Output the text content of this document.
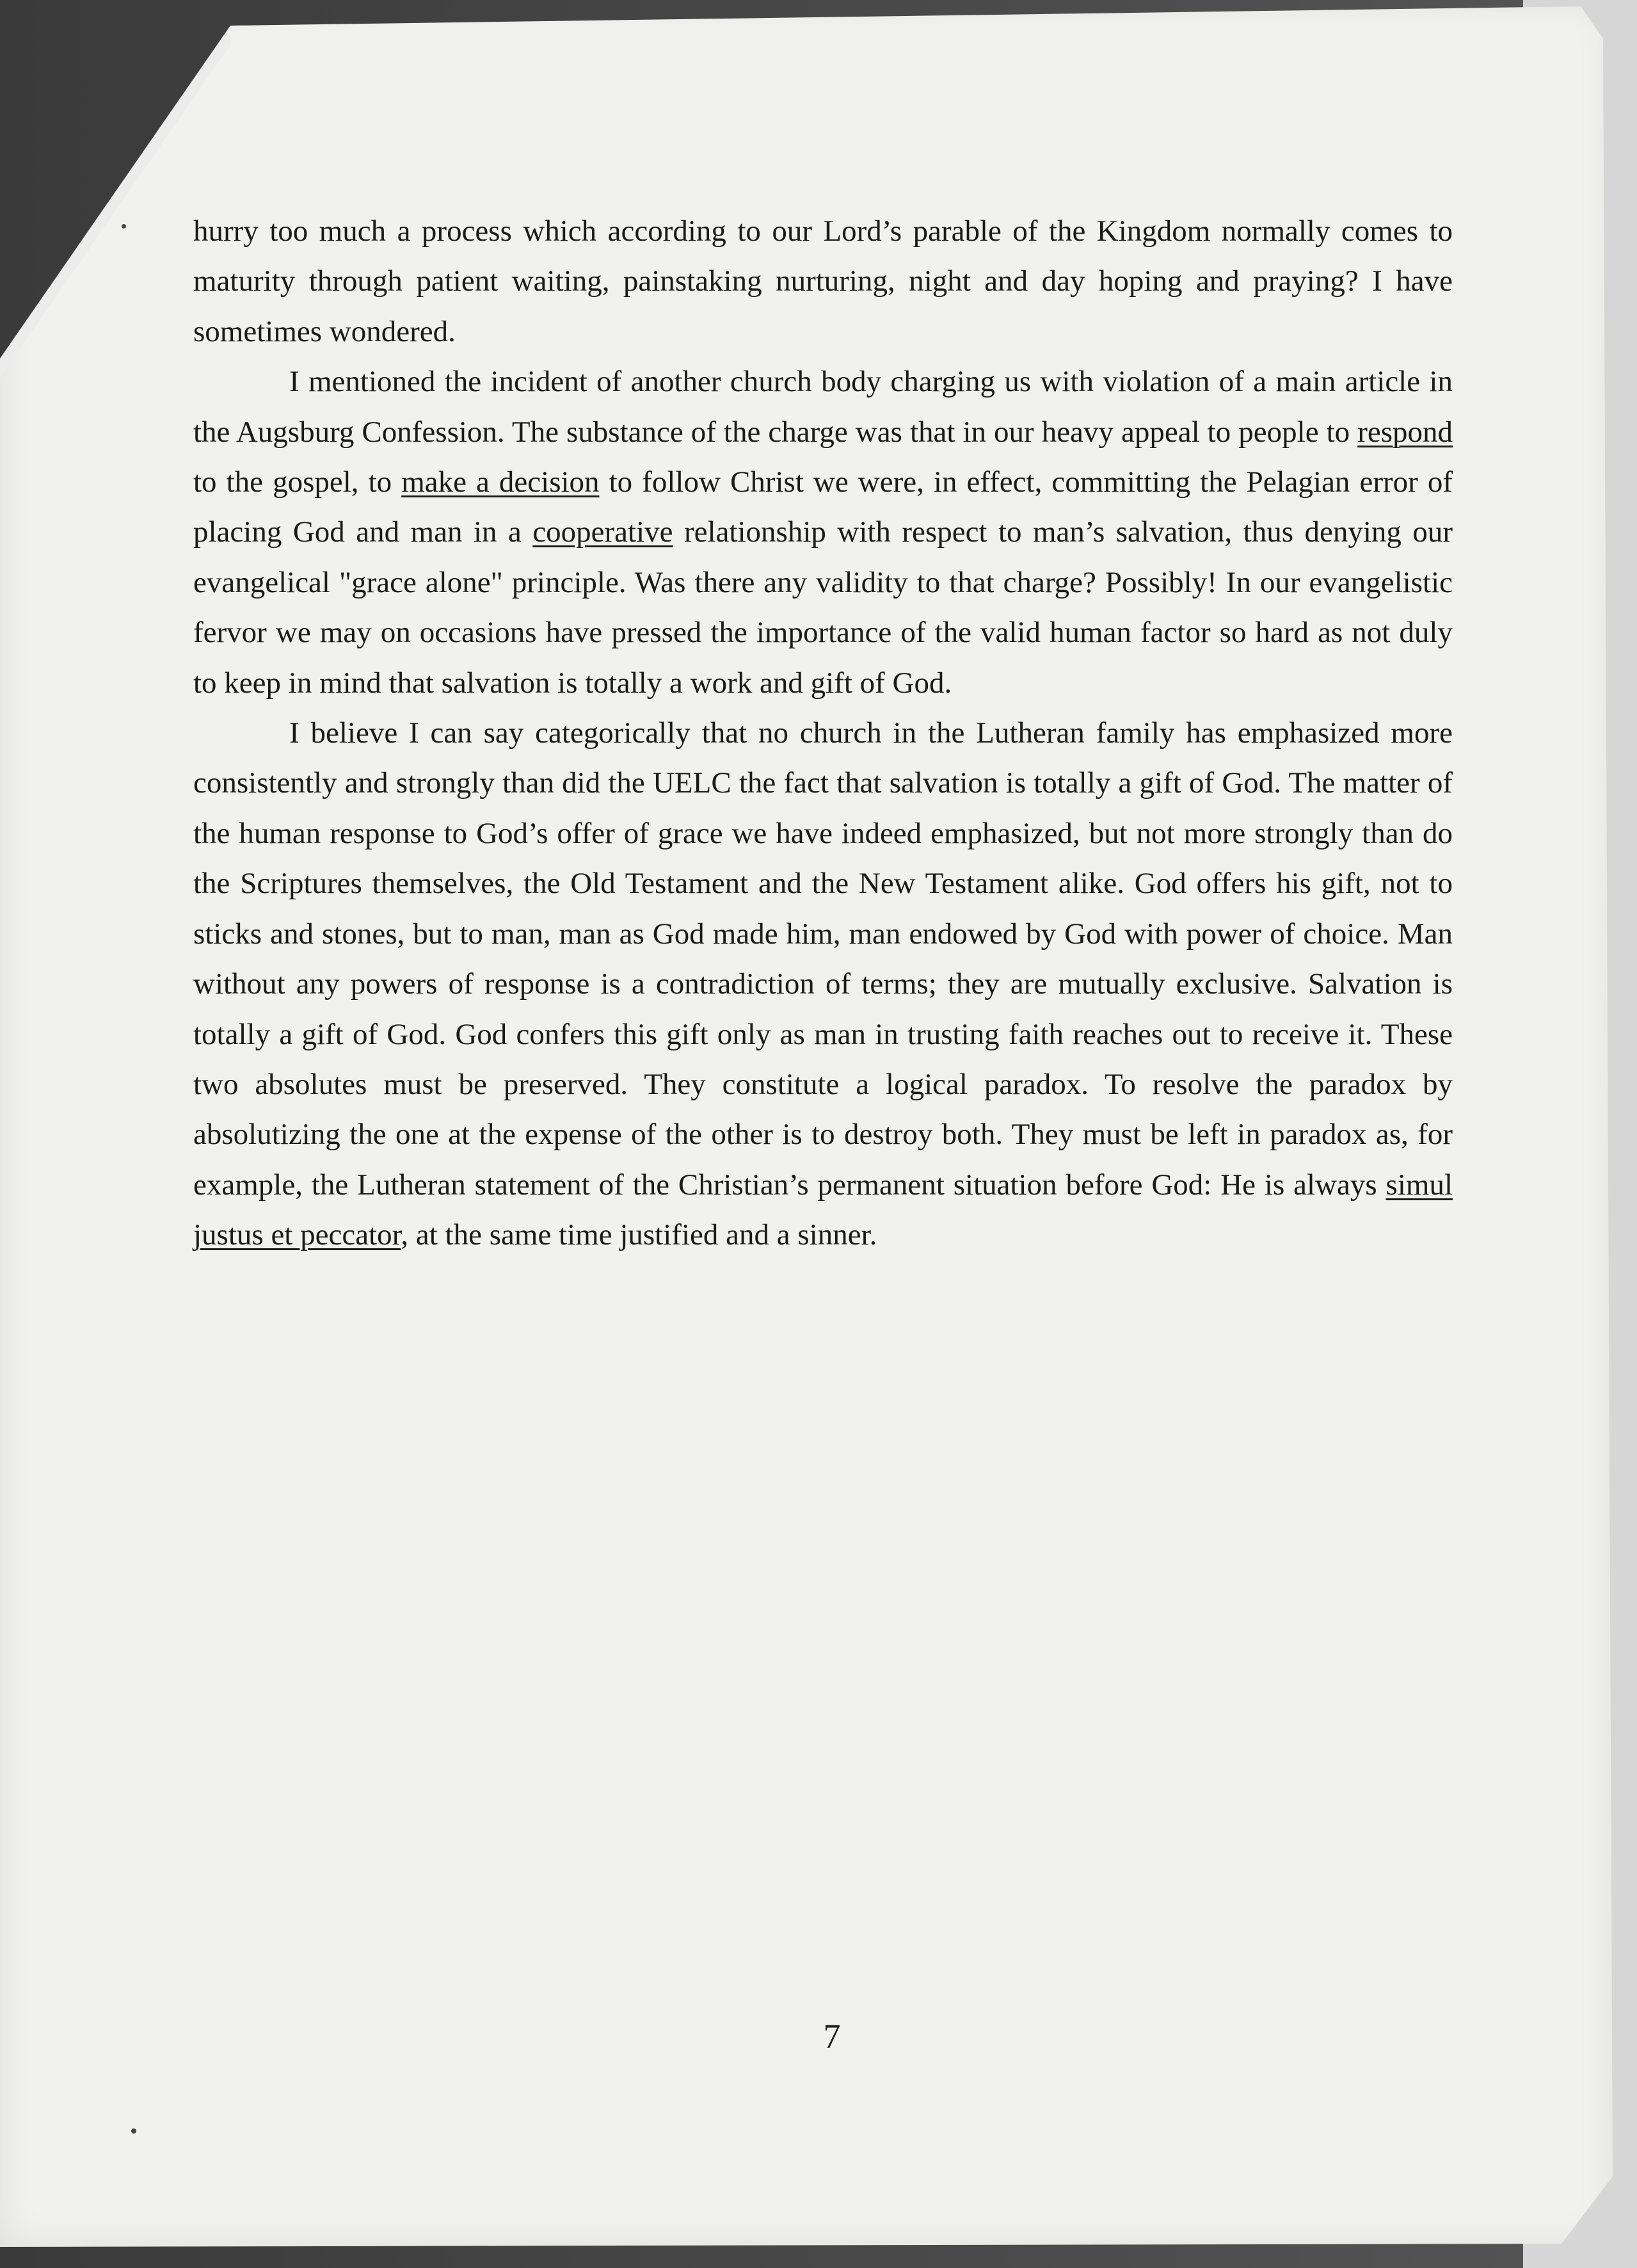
hurry too much a process which according to our Lord’s parable of the Kingdom normally comes to maturity through patient waiting, painstaking nurturing, night and day hoping and praying? I have sometimes wondered.

I mentioned the incident of another church body charging us with violation of a main article in the Augsburg Confession. The substance of the charge was that in our heavy appeal to people to respond to the gospel, to make a decision to follow Christ we were, in effect, committing the Pelagian error of placing God and man in a cooperative relationship with respect to man’s salvation, thus denying our evangelical "grace alone" principle. Was there any validity to that charge? Possibly! In our evangelistic fervor we may on occasions have pressed the importance of the valid human factor so hard as not duly to keep in mind that salvation is totally a work and gift of God.

I believe I can say categorically that no church in the Lutheran family has emphasized more consistently and strongly than did the UELC the fact that salvation is totally a gift of God. The matter of the human response to God’s offer of grace we have indeed emphasized, but not more strongly than do the Scriptures themselves, the Old Testament and the New Testament alike. God offers his gift, not to sticks and stones, but to man, man as God made him, man endowed by God with power of choice. Man without any powers of response is a contradiction of terms; they are mutually exclusive. Salvation is totally a gift of God. God confers this gift only as man in trusting faith reaches out to receive it. These two absolutes must be preserved. They constitute a logical paradox. To resolve the paradox by absolutizing the one at the expense of the other is to destroy both. They must be left in paradox as, for example, the Lutheran statement of the Christian’s permanent situation before God: He is always simul justus et peccator, at the same time justified and a sinner.

7
